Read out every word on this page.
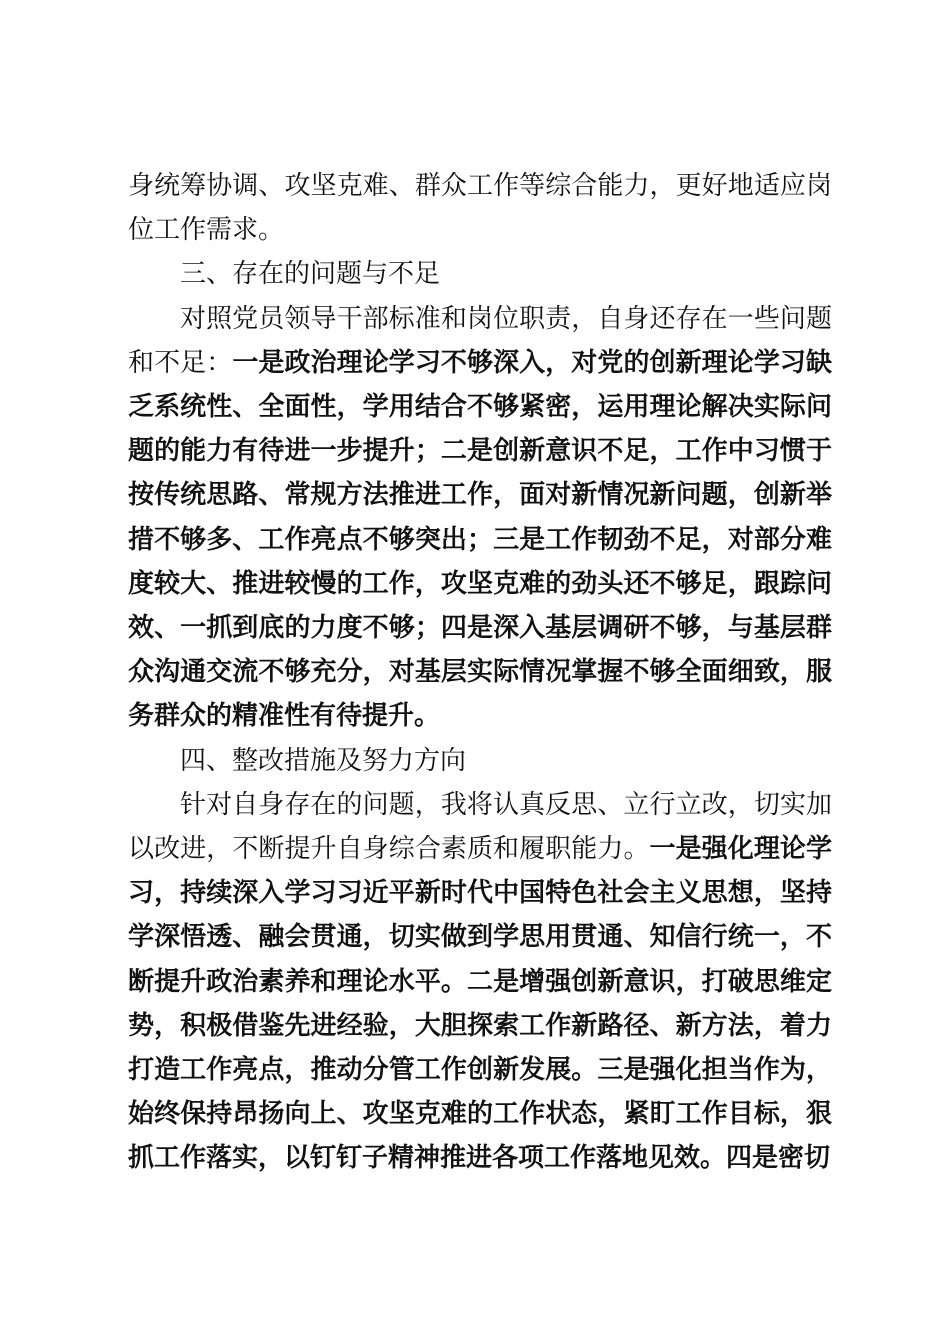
身统筹协调、攻坚克难、群众工作等综合能力，更好地适应岗位工作需求。

三、存在的问题与不足

对照党员领导干部标准和岗位职责，自身还存在一些问题和不足：一是政治理论学习不够深入，对党的创新理论学习缺乏系统性、全面性，学用结合不够紧密，运用理论解决实际问题的能力有待进一步提升；二是创新意识不足，工作中习惯于按传统思路、常规方法推进工作，面对新情况新问题，创新举措不够多、工作亮点不够突出；三是工作韧劲不足，对部分难度较大、推进较慢的工作，攻坚克难的劲头还不够足，跟踪问效、一抓到底的力度不够；四是深入基层调研不够，与基层群众沟通交流不够充分，对基层实际情况掌握不够全面细致，服务群众的精准性有待提升。

四、整改措施及努力方向

针对自身存在的问题，我将认真反思、立行立改，切实加以改进，不断提升自身综合素质和履职能力。一是强化理论学习，持续深入学习习近平新时代中国特色社会主义思想，坚持学深悟透、融会贯通，切实做到学思用贯通、知信行统一，不断提升政治素养和理论水平。二是增强创新意识，打破思维定势，积极借鉴先进经验，大胆探索工作新路径、新方法，着力打造工作亮点，推动分管工作创新发展。三是强化担当作为，始终保持昂扬向上、攻坚克难的工作状态，紧盯工作目标，狠抓工作落实，以钉钉子精神推进各项工作落地见效。四是密切
